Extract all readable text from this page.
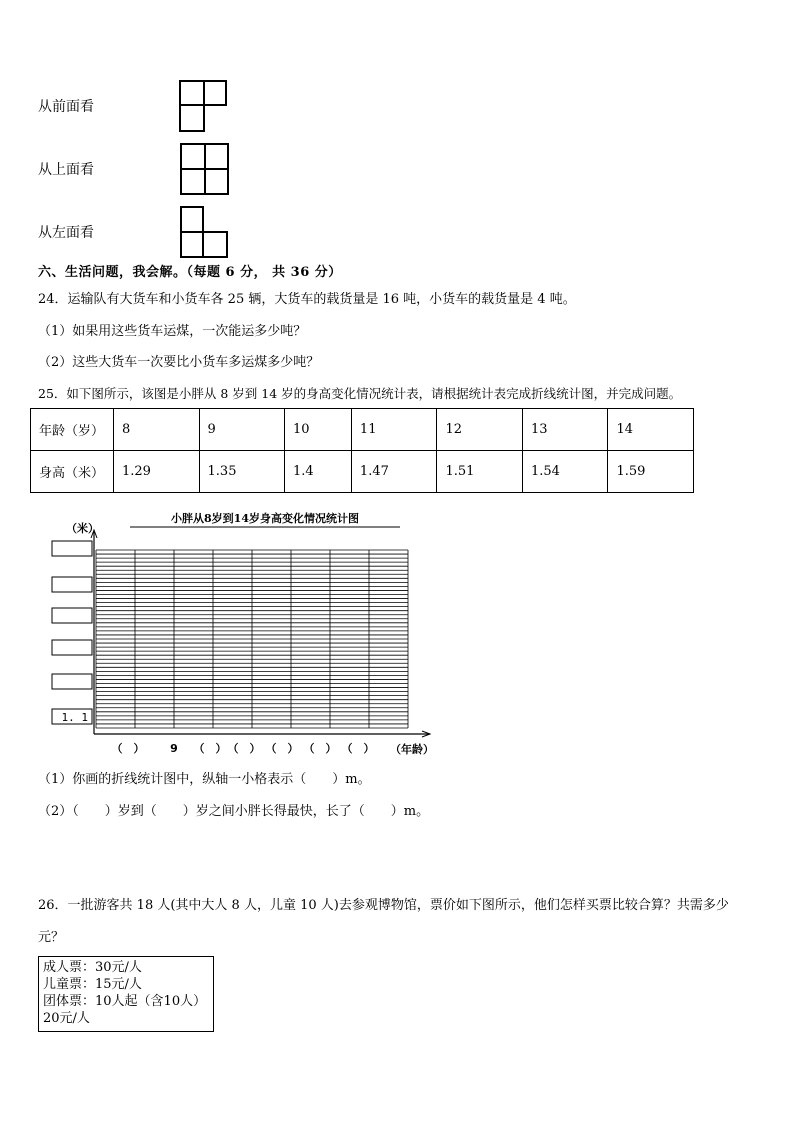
从前面看
从上面看
从左面看
六、生活问题，我会解。（每题 6 分， 共 36 分）
24．运输队有大货车和小货车各 25 辆，大货车的载货量是 16 吨，小货车的载货量是 4 吨。
（1）如果用这些货车运煤，一次能运多少吨？
（2）这些大货车一次要比小货车多运煤多少吨？
25．如下图所示，该图是小胖从 8 岁到 14 岁的身高变化情况统计表，请根据统计表完成折线统计图，并完成问题。
年龄（岁）	8	9	10	11	12	13	14
身高（米）	1.29	1.35	1.4	1.47	1.51	1.54	1.59
小胖从8岁到14岁身高变化情况统计图
（米）
1. 1
（　） 9 （　） （　） （　） （　） （　） （年龄）
（1）你画的折线统计图中，纵轴一小格表示（　　）m。
（2）（　　）岁到（　　）岁之间小胖长得最快，长了（　　）m。
26．一批游客共 18 人(其中大人 8 人，儿童 10 人)去参观博物馆，票价如下图所示，他们怎样买票比较合算？共需多少
元？
成人票：30元/人
儿童票：15元/人
团体票：10人起（含10人）
20元/人
